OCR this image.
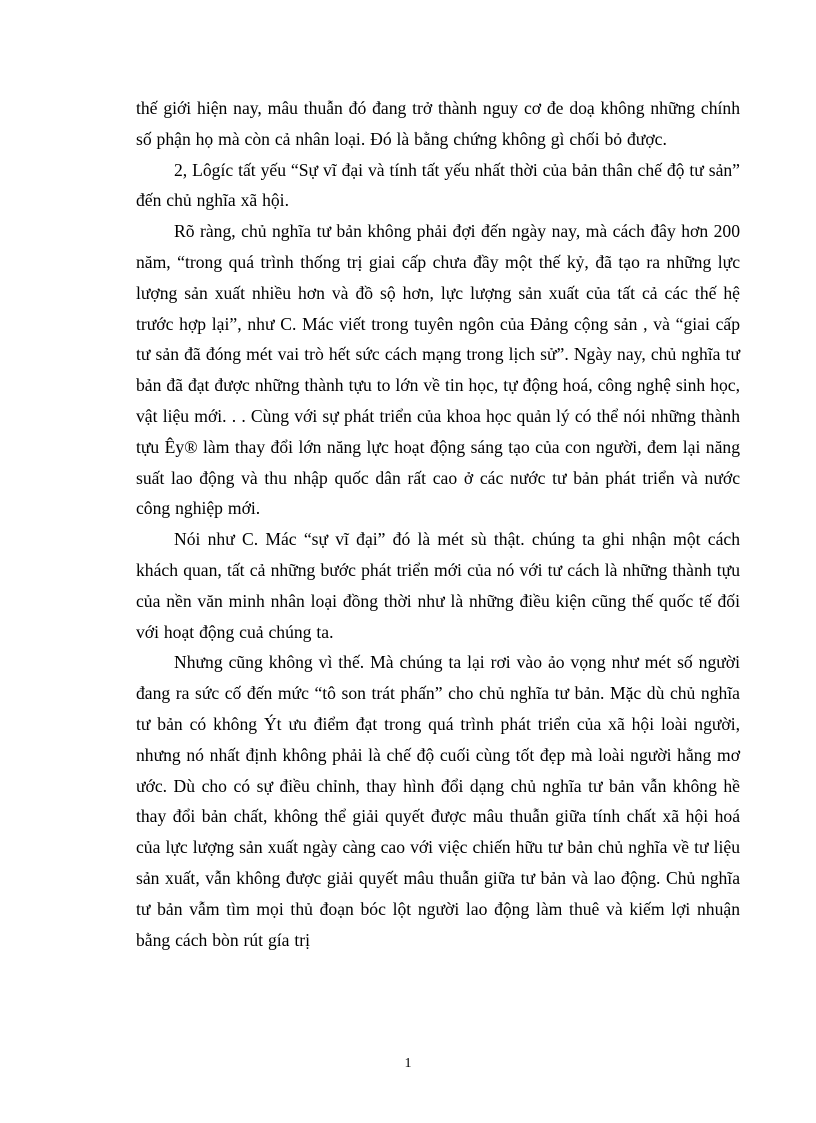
thế giới hiện nay, mâu thuẫn đó đang trở thành nguy cơ đe doạ không những chính số phận họ mà còn cả nhân loại. Đó là bằng chứng không gì chối bỏ được.

2, Lôgíc tất yếu “Sự vĩ đại và tính tất yếu nhất thời của bản thân chế độ tư sản” đến chủ nghĩa xã hội.

Rõ ràng, chủ nghĩa tư bản không phải đợi đến ngày nay, mà cách đây hơn 200 năm, “trong quá trình thống trị giai cấp chưa đầy một thế kỷ, đã tạo ra những lực lượng sản xuất nhiều hơn và đồ sộ hơn, lực lượng sản xuất của tất cả các thế hệ trước hợp lại”, như C. Mác viết trong tuyên ngôn của Đảng cộng sản , và “giai cấp tư sản đã đóng mét vai trò hết sức cách mạng trong lịch sử”. Ngày nay, chủ nghĩa tư bản đã đạt được những thành tựu to lớn về tin học, tự động hoá, công nghệ sinh học, vật liệu mới. . . Cùng với sự phát triển của khoa học quản lý có thể nói những thành tựu Êy® làm thay đổi lớn năng lực hoạt động sáng tạo của con người, đem lại năng suất lao động và thu nhập quốc dân rất cao ở các nước tư bản phát triển và nước công nghiệp mới.

Nói như C. Mác “sự vĩ đại” đó là mét sù thật. chúng ta ghi nhận một cách khách quan, tất cả những bước phát triển mới của nó với tư cách là những thành tựu của nền văn minh nhân loại đồng thời như là những điều kiện cũng thế quốc tế đối với hoạt động cuả chúng ta.

Nhưng cũng không vì thế. Mà chúng ta lại rơi vào ảo vọng như mét số người đang ra sức cố đến mức “tô son trát phấn” cho chủ nghĩa tư bản. Mặc dù chủ nghĩa tư bản có không Ýt ưu điểm đạt trong quá trình phát triển của xã hội loài người, nhưng nó nhất định không phải là chế độ cuối cùng tốt đẹp mà loài người hằng mơ ước. Dù cho có sự điều chỉnh, thay hình đổi dạng chủ nghĩa tư bản vẫn không hề thay đổi bản chất, không thể giải quyết được mâu thuẫn giữa tính chất xã hội hoá của lực lượng sản xuất ngày càng cao với việc chiến hữu tư bản chủ nghĩa về tư liệu sản xuất, vẫn không được giải quyết mâu thuẫn giữa tư bản và lao động. Chủ nghĩa tư bản vẫm tìm mọi thủ đoạn bóc lột người lao động làm thuê và kiếm lợi nhuận bằng cách bòn rút gía trị

1
